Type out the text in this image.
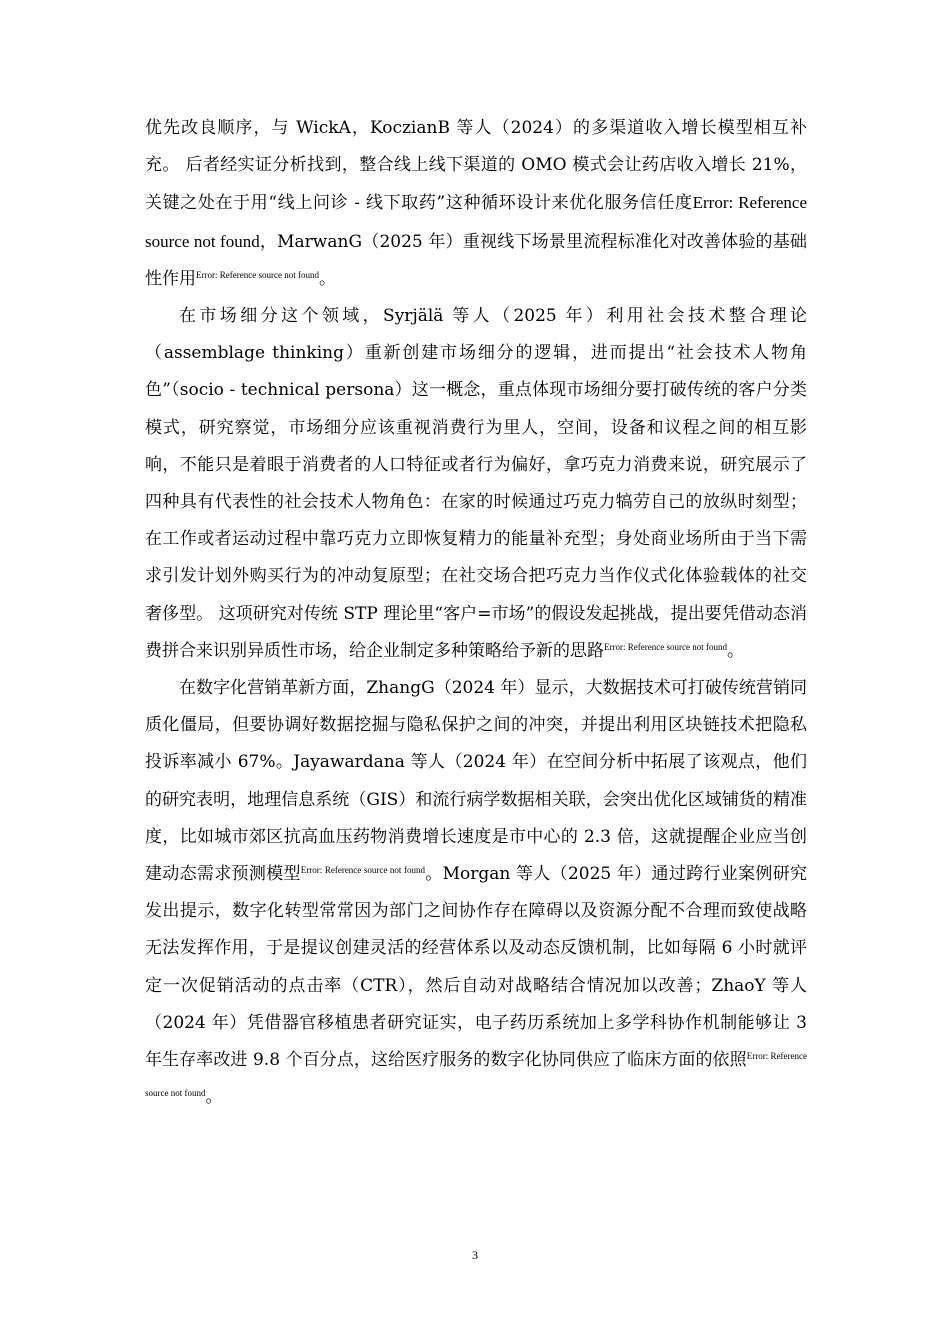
优先改良顺序，与 WickA，KoczianB 等人（2024）的多渠道收入增长模型相互补充。 后者经实证分析找到，整合线上线下渠道的 OMO 模式会让药店收入增长 21%，关键之处在于用“线上问诊 - 线下取药”这种循环设计来优化服务信任度Error: Reference source not found，MarwanG（2025 年）重视线下场景里流程标准化对改善体验的基础性作用$^{Error: Reference source not found}$。

在市场细分这个领域，Syrjälä 等人（2025 年）利用社会技术整合理论（assemblage thinking）重新创建市场细分的逻辑，进而提出“社会技术人物角色”（socio - technical persona）这一概念，重点体现市场细分要打破传统的客户分类模式，研究察觉，市场细分应该重视消费行为里人，空间，设备和议程之间的相互影响，不能只是着眼于消费者的人口特征或者行为偏好，拿巧克力消费来说，研究展示了四种具有代表性的社会技术人物角色：在家的时候通过巧克力犒劳自己的放纵时刻型；在工作或者运动过程中靠巧克力立即恢复精力的能量补充型；身处商业场所由于当下需求引发计划外购买行为的冲动复原型；在社交场合把巧克力当作仪式化体验载体的社交奢侈型。 这项研究对传统 STP 理论里“客户=市场”的假设发起挑战，提出要凭借动态消费拼合来识别异质性市场，给企业制定多种策略给予新的思路$^{Error: Reference source not found}$。

在数字化营销革新方面，ZhangG（2024 年）显示，大数据技术可打破传统营销同质化僵局，但要协调好数据挖掘与隐私保护之间的冲突，并提出利用区块链技术把隐私投诉率减小 67%。Jayawardana 等人（2024 年）在空间分析中拓展了该观点，他们的研究表明，地理信息系统（GIS）和流行病学数据相关联，会突出优化区域铺货的精准度，比如城市郊区抗高血压药物消费增长速度是市中心的 2.3 倍，这就提醒企业应当创建动态需求预测模型$^{Error: Reference source not found}$。Morgan 等人（2025 年）通过跨行业案例研究发出提示，数字化转型常常因为部门之间协作存在障碍以及资源分配不合理而致使战略无法发挥作用，于是提议创建灵活的经营体系以及动态反馈机制，比如每隔 6 小时就评定一次促销活动的点击率（CTR），然后自动对战略结合情况加以改善；ZhaoY 等人（2024 年）凭借器官移植患者研究证实，电子药历系统加上多学科协作机制能够让 3 年生存率改进 9.8 个百分点，这给医疗服务的数字化协同供应了临床方面的依照$^{Error: Reference source not found}$。

3
